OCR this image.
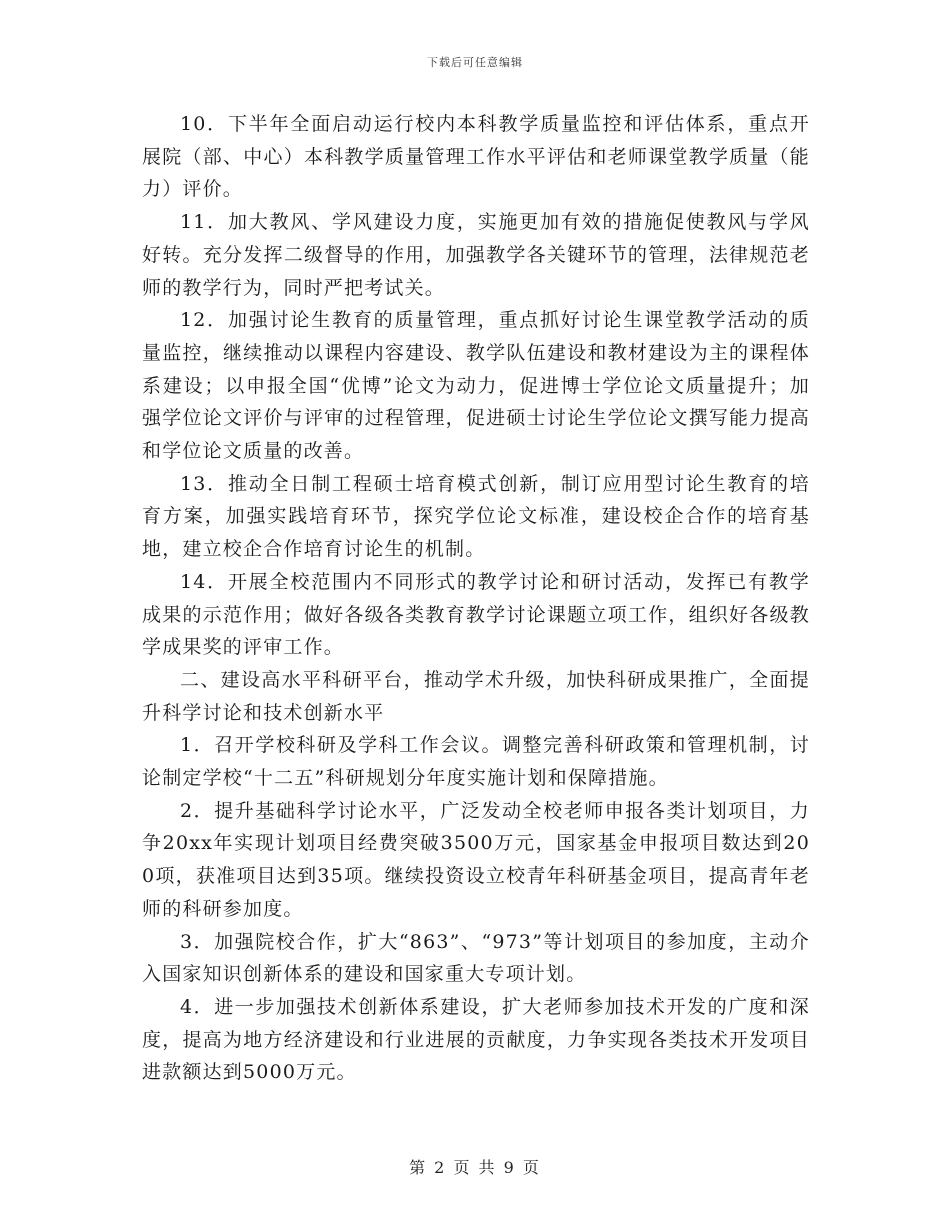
下载后可任意编辑

10．下半年全面启动运行校内本科教学质量监控和评估体系，重点开展院（部、中心）本科教学质量管理工作水平评估和老师课堂教学质量（能力）评价。

11．加大教风、学风建设力度，实施更加有效的措施促使教风与学风好转。充分发挥二级督导的作用，加强教学各关键环节的管理，法律规范老师的教学行为，同时严把考试关。

12．加强讨论生教育的质量管理，重点抓好讨论生课堂教学活动的质量监控，继续推动以课程内容建设、教学队伍建设和教材建设为主的课程体系建设；以申报全国“优博”论文为动力，促进博士学位论文质量提升；加强学位论文评价与评审的过程管理，促进硕士讨论生学位论文撰写能力提高和学位论文质量的改善。

13．推动全日制工程硕士培育模式创新，制订应用型讨论生教育的培育方案，加强实践培育环节，探究学位论文标准，建设校企合作的培育基地，建立校企合作培育讨论生的机制。

14．开展全校范围内不同形式的教学讨论和研讨活动，发挥已有教学成果的示范作用；做好各级各类教育教学讨论课题立项工作，组织好各级教学成果奖的评审工作。

二、建设高水平科研平台，推动学术升级，加快科研成果推广，全面提升科学讨论和技术创新水平

1．召开学校科研及学科工作会议。调整完善科研政策和管理机制，讨论制定学校“十二五”科研规划分年度实施计划和保障措施。

2．提升基础科学讨论水平，广泛发动全校老师申报各类计划项目，力争20xx年实现计划项目经费突破3500万元，国家基金申报项目数达到200项，获准项目达到35项。继续投资设立校青年科研基金项目，提高青年老师的科研参加度。

3．加强院校合作，扩大“863”、“973”等计划项目的参加度，主动介入国家知识创新体系的建设和国家重大专项计划。

4．进一步加强技术创新体系建设，扩大老师参加技术开发的广度和深度，提高为地方经济建设和行业进展的贡献度，力争实现各类技术开发项目进款额达到5000万元。

第 2 页 共 9 页
